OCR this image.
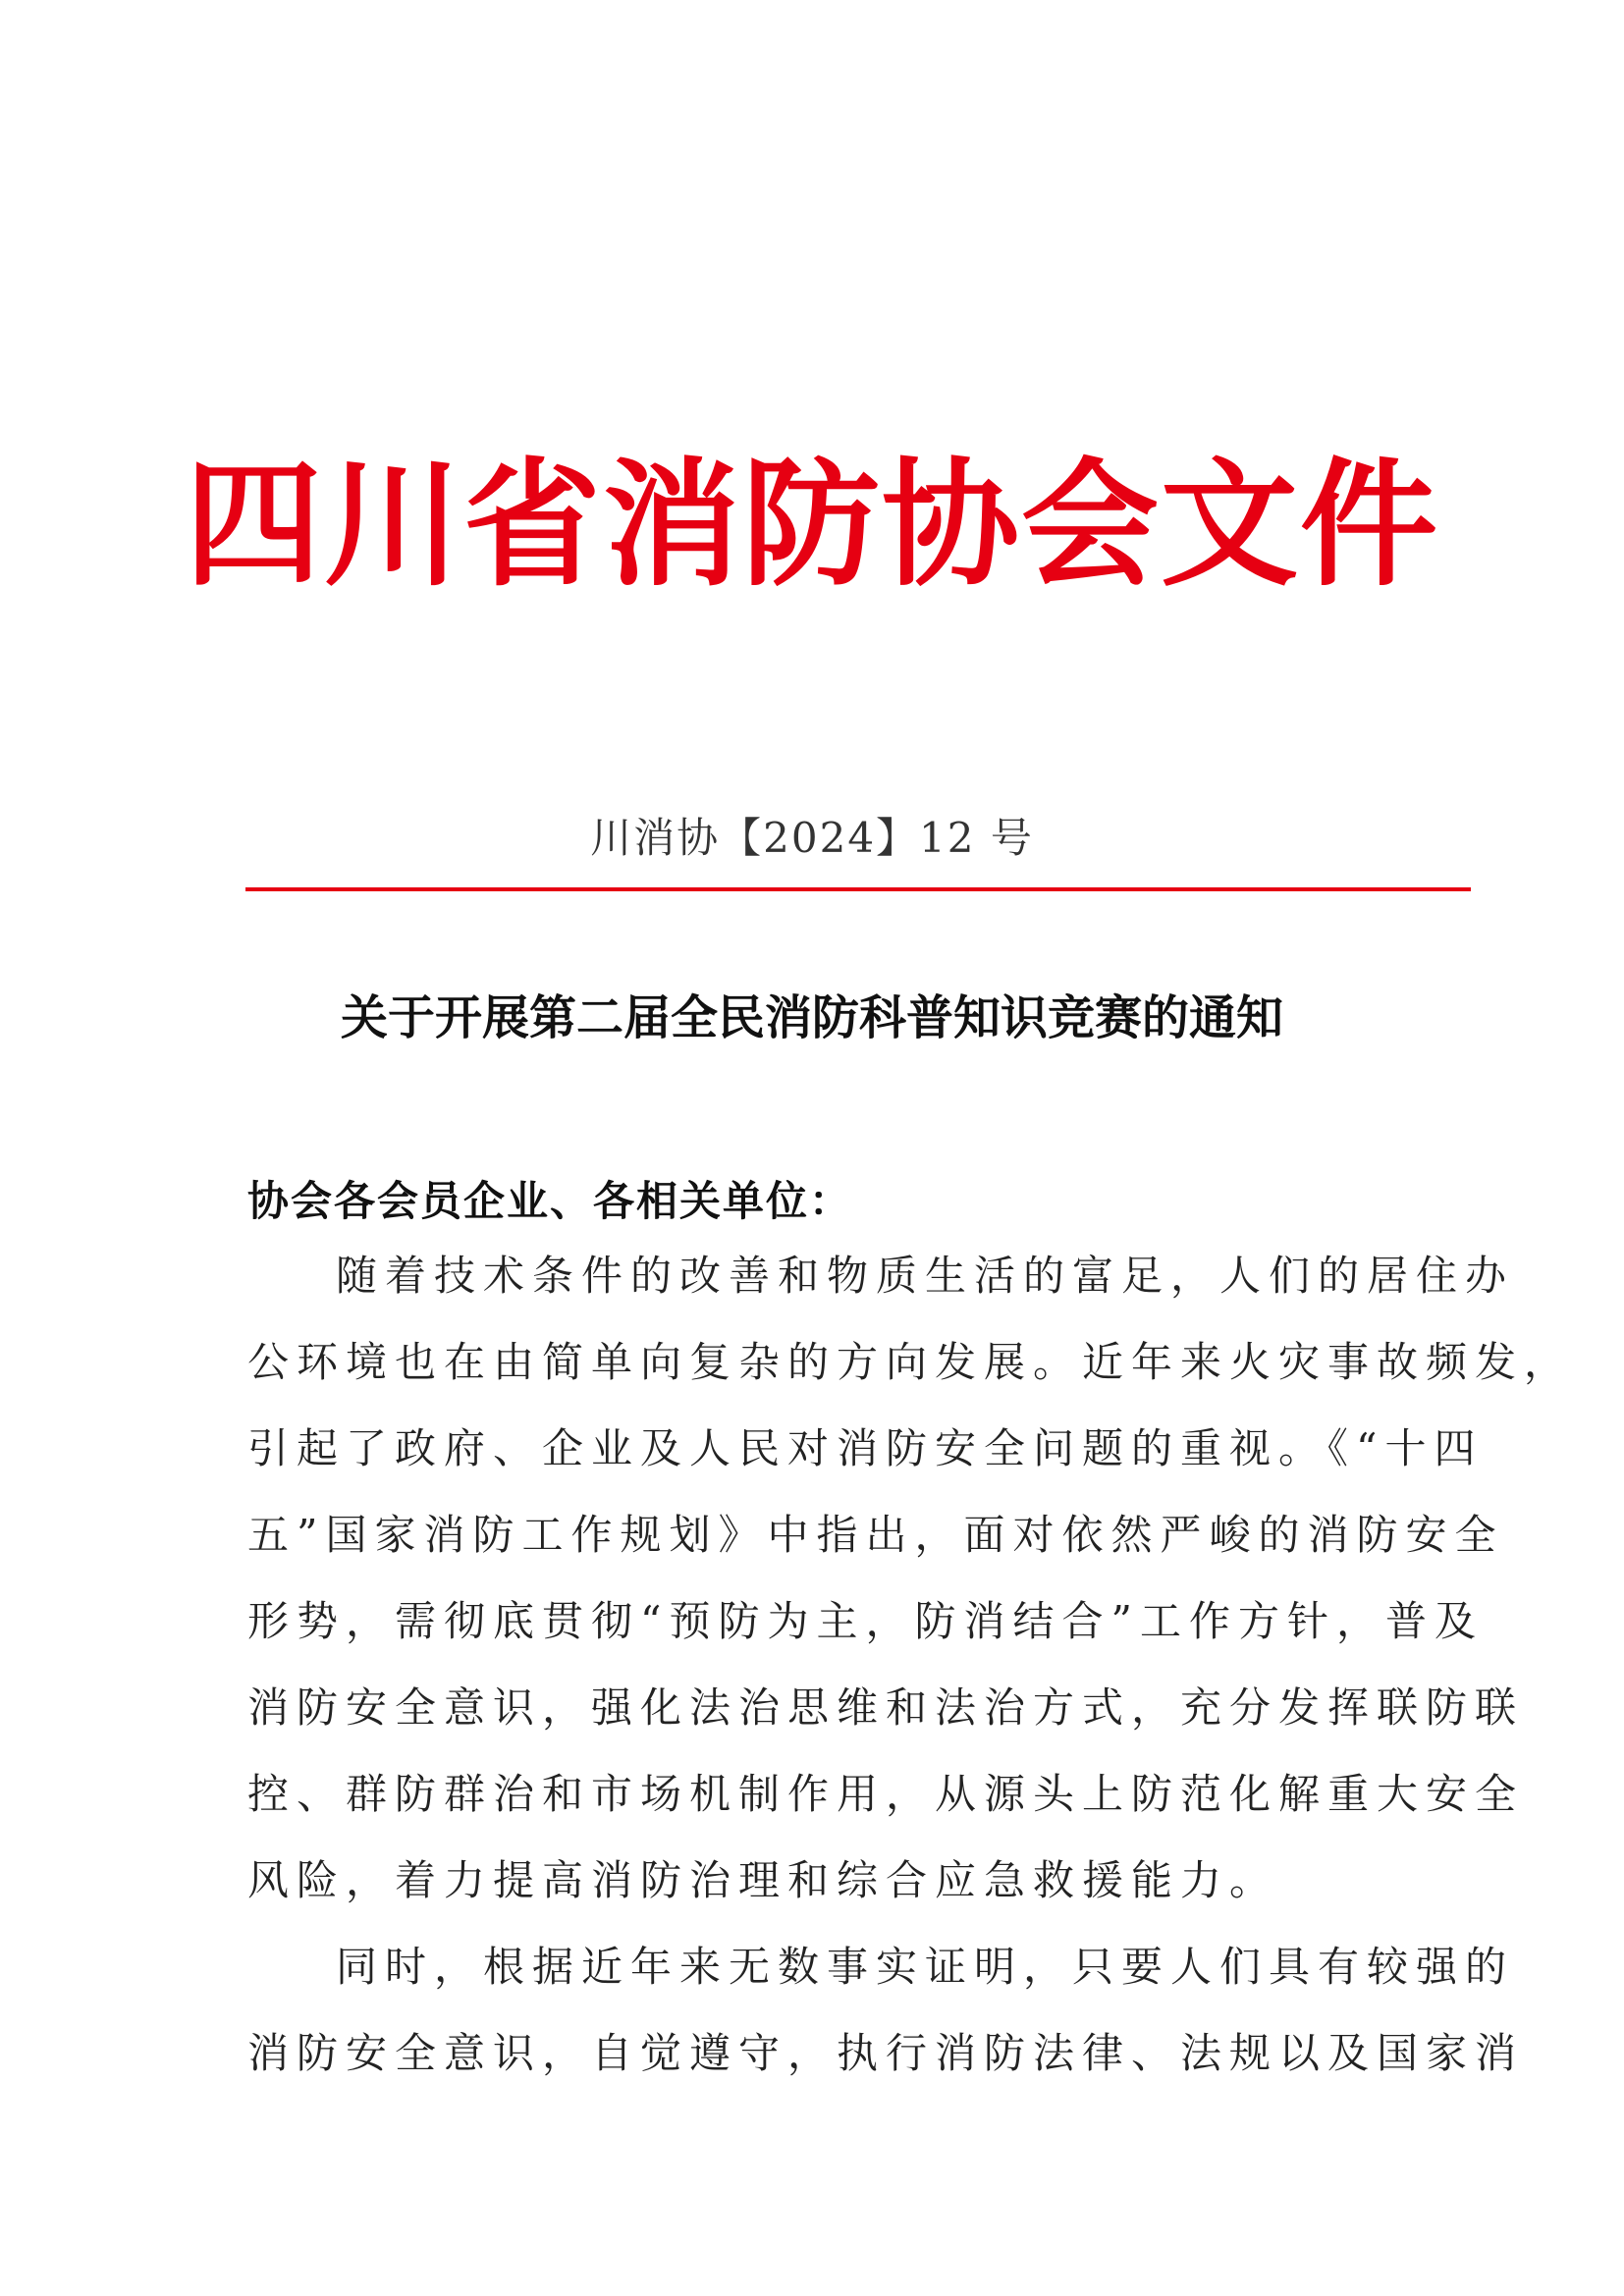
四川省消防协会文件
川消协【2024】12 号
关于开展第二届全民消防科普知识竞赛的通知
协会各会员企业、各相关单位：
随着技术条件的改善和物质生活的富足，人们的居住办
公环境也在由简单向复杂的方向发展。近年来火灾事故频发，
引起了政府、企业及人民对消防安全问题的重视。《“十四
五”国家消防工作规划》中指出，面对依然严峻的消防安全
形势，需彻底贯彻“预防为主，防消结合”工作方针，普及
消防安全意识，强化法治思维和法治方式，充分发挥联防联
控、群防群治和市场机制作用，从源头上防范化解重大安全
风险，着力提高消防治理和综合应急救援能力。
同时，根据近年来无数事实证明，只要人们具有较强的
消防安全意识，自觉遵守，执行消防法律、法规以及国家消
